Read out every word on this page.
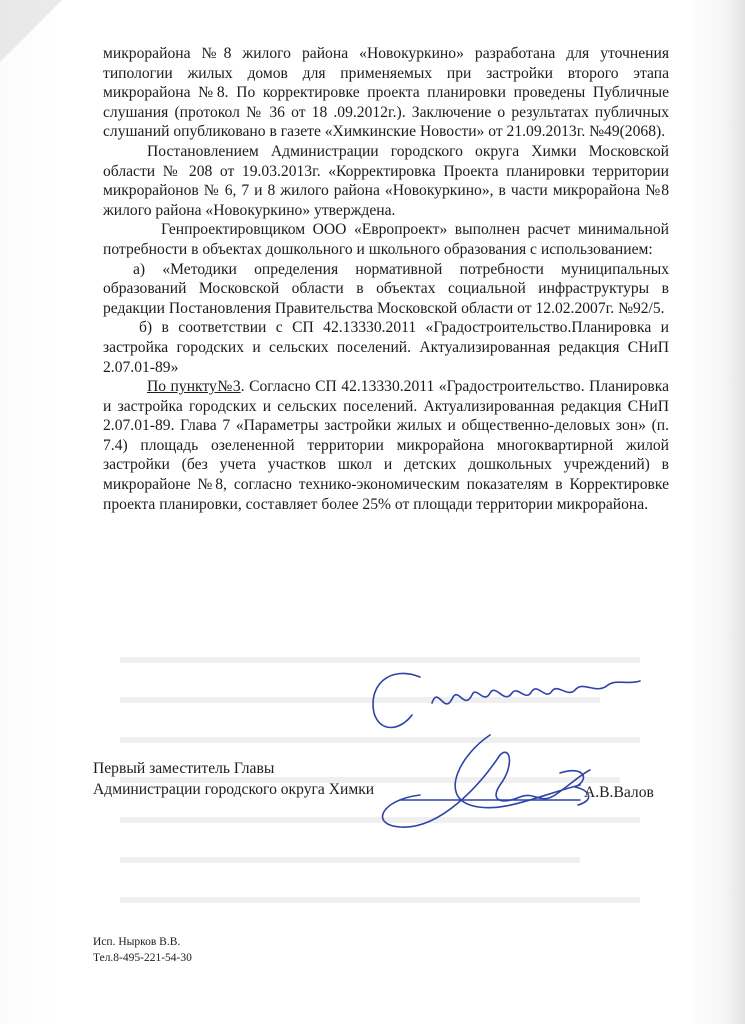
микрорайона №8 жилого района «Новокуркино» разработана для уточнения типологии жилых домов для применяемых при застройки второго этапа микрорайона №8. По корректировке проекта планировки проведены Публичные слушания (протокол № 36 от 18 .09.2012г.). Заключение о результатах публичных слушаний опубликовано в газете «Химкинские Новости» от 21.09.2013г. №49(2068).

Постановлением Администрации городского округа Химки Московской области № 208 от 19.03.2013г. «Корректировка Проекта планировки территории микрорайонов № 6, 7 и 8 жилого района «Новокуркино», в части микрорайона №8 жилого района «Новокуркино» утверждена.

Генпроектировщиком ООО «Европроект» выполнен расчет минимальной потребности в объектах дошкольного и школьного образования с использованием:

а) «Методики определения нормативной потребности муниципальных образований Московской области в объектах социальной инфраструктуры в редакции Постановления Правительства Московской области от 12.02.2007г. №92/5.

б) в соответствии с СП 42.13330.2011 «Градостроительство.Планировка и застройка городских и сельских поселений. Актуализированная редакция СНиП 2.07.01-89»

По пункту№3. Согласно СП 42.13330.2011 «Градостроительство. Планировка и застройка городских и сельских поселений. Актуализированная редакция СНиП 2.07.01-89. Глава 7 «Параметры застройки жилых и общественно-деловых зон» (п. 7.4) площадь озелененной территории микрорайона многоквартирной жилой застройки (без учета участков школ и детских дошкольных учреждений) в микрорайоне №8, согласно технико-экономическим показателям в Корректировке проекта планировки, составляет более 25% от площади территории микрорайона.

Первый заместитель Главы
Администрации городского округа Химки	А.В.Валов
Исп. Нырков В.В.
Тел.8-495-221-54-30
